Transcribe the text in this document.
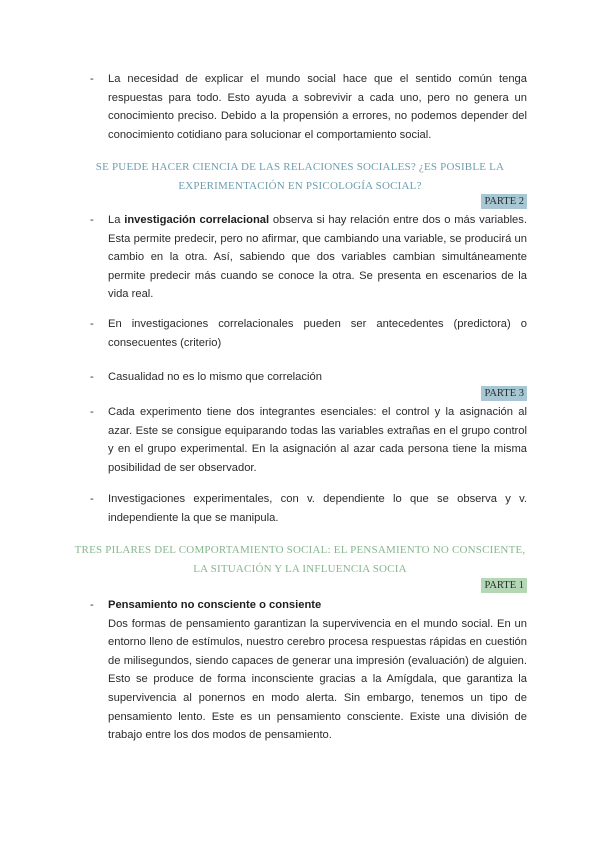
-	La necesidad de explicar el mundo social hace que el sentido común tenga respuestas para todo. Esto ayuda a sobrevivir a cada uno, pero no genera un conocimiento preciso. Debido a la propensión a errores, no podemos depender del conocimiento cotidiano para solucionar el comportamiento social.

SE PUEDE HACER CIENCIA DE LAS RELACIONES SOCIALES? ¿ES POSIBLE LA
EXPERIMENTACIÓN EN PSICOLOGÍA SOCIAL?
PARTE 2
-	La investigación correlacional observa si hay relación entre dos o más variables. Esta permite predecir, pero no afirmar, que cambiando una variable, se producirá un cambio en la otra. Así, sabiendo que dos variables cambian simultáneamente permite predecir más cuando se conoce la otra. Se presenta en escenarios de la vida real.

-	En investigaciones correlacionales pueden ser antecedentes (predictora) o consecuentes (criterio)

-	Casualidad no es lo mismo que correlación

PARTE 3
-	Cada experimento tiene dos integrantes esenciales: el control y la asignación al azar. Este se consigue equiparando todas las variables extrañas en el grupo control y en el grupo experimental. En la asignación al azar cada persona tiene la misma posibilidad de ser observador.

-	Investigaciones experimentales, con v. dependiente lo que se observa y v. independiente la que se manipula.

TRES PILARES DEL COMPORTAMIENTO SOCIAL: EL PENSAMIENTO NO CONSCIENTE,
LA SITUACIÓN Y LA INFLUENCIA SOCIA
PARTE 1
-	Pensamiento no consciente o consiente

Dos formas de pensamiento garantizan la supervivencia en el mundo social. En un entorno lleno de estímulos, nuestro cerebro procesa respuestas rápidas en cuestión de milisegundos, siendo capaces de generar una impresión (evaluación) de alguien. Esto se produce de forma inconsciente gracias a la Amígdala, que garantiza la supervivencia al ponernos en modo alerta. Sin embargo, tenemos un tipo de pensamiento lento. Este es un pensamiento consciente. Existe una división de trabajo entre los dos modos de pensamiento.
